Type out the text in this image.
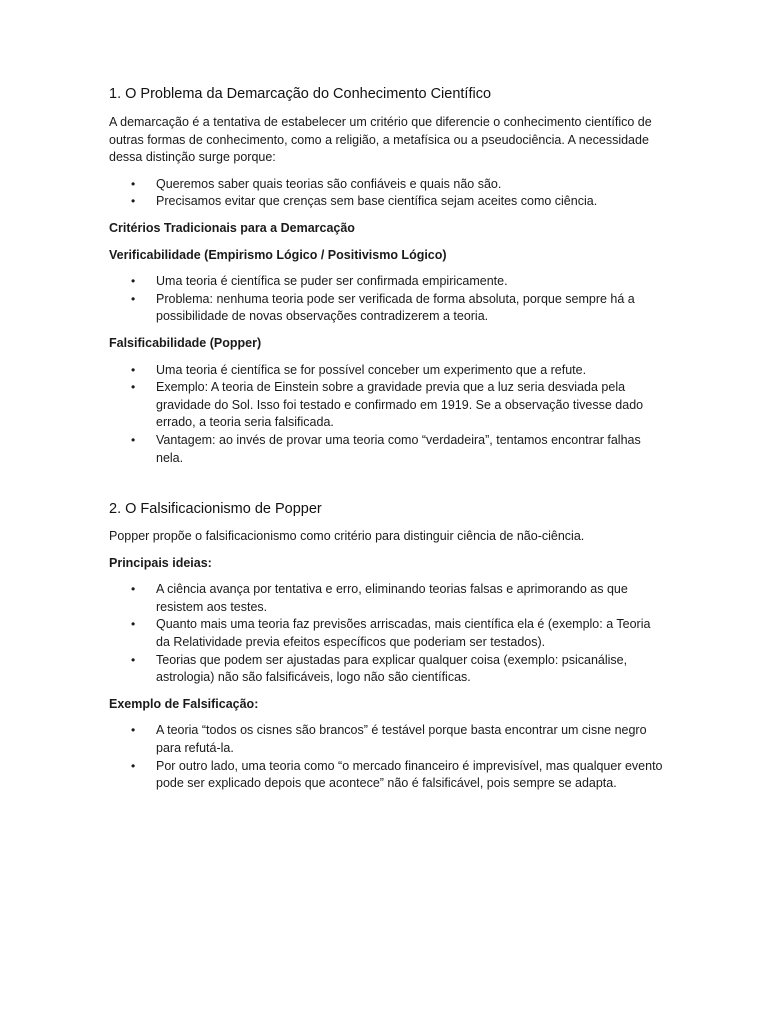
1. O Problema da Demarcação do Conhecimento Científico

A demarcação é a tentativa de estabelecer um critério que diferencie o conhecimento científico de outras formas de conhecimento, como a religião, a metafísica ou a pseudociência. A necessidade dessa distinção surge porque:

• Queremos saber quais teorias são confiáveis e quais não são.
• Precisamos evitar que crenças sem base científica sejam aceites como ciência.

Critérios Tradicionais para a Demarcação

Verificabilidade (Empirismo Lógico / Positivismo Lógico)

• Uma teoria é científica se puder ser confirmada empiricamente.
• Problema: nenhuma teoria pode ser verificada de forma absoluta, porque sempre há a possibilidade de novas observações contradizerem a teoria.

Falsificabilidade (Popper)

• Uma teoria é científica se for possível conceber um experimento que a refute.
• Exemplo: A teoria de Einstein sobre a gravidade previa que a luz seria desviada pela gravidade do Sol. Isso foi testado e confirmado em 1919. Se a observação tivesse dado errado, a teoria seria falsificada.
• Vantagem: ao invés de provar uma teoria como “verdadeira”, tentamos encontrar falhas nela.
2. O Falsificacionismo de Popper

Popper propõe o falsificacionismo como critério para distinguir ciência de não-ciência.

Principais ideias:

• A ciência avança por tentativa e erro, eliminando teorias falsas e aprimorando as que resistem aos testes.
• Quanto mais uma teoria faz previsões arriscadas, mais científica ela é (exemplo: a Teoria da Relatividade previa efeitos específicos que poderiam ser testados).
• Teorias que podem ser ajustadas para explicar qualquer coisa (exemplo: psicanálise, astrologia) não são falsificáveis, logo não são científicas.

Exemplo de Falsificação:

• A teoria “todos os cisnes são brancos” é testável porque basta encontrar um cisne negro para refutá-la.
• Por outro lado, uma teoria como “o mercado financeiro é imprevisível, mas qualquer evento pode ser explicado depois que acontece” não é falsificável, pois sempre se adapta.
